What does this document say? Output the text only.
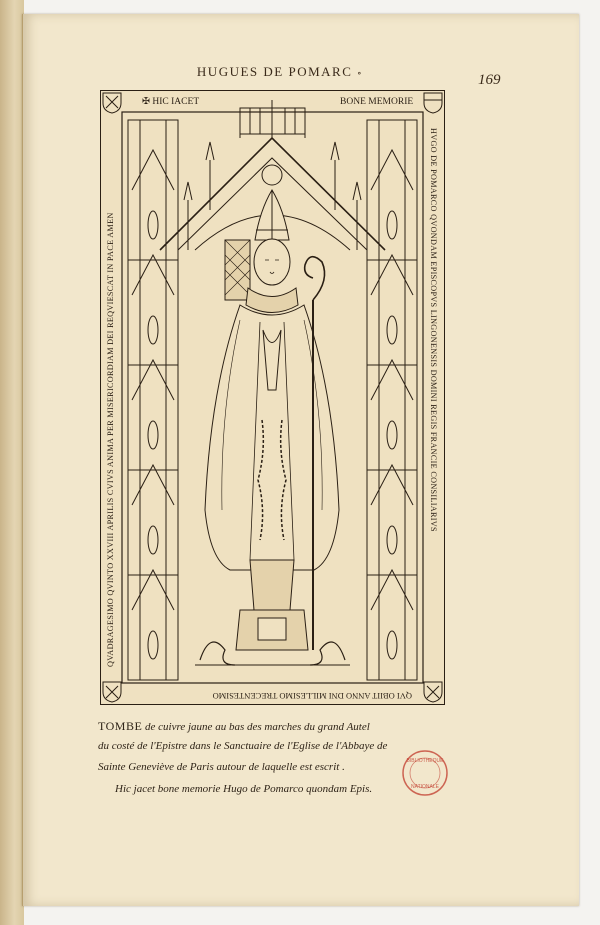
HUGUES DE POMARC ∘	169
✠ HIC IACET	BONE MEMORIE
HVGO DE POMARCO QVONDAM EPISCOPVS LINGONENSIS DOMINI REGIS FRANCIE CONSILIARIVS
QVI OBIIT ANNO DNI MILLESIMO TRECENTESIMO
QVADRAGESIMO QVINTO XXVIII APRILIS CVIVS ANIMA PER MISERICORDIAM DEI REQVIESCAT IN PACE AMEN
TOMBE de cuivre jaune au bas des marches du grand Autel
du costé de l'Epistre dans le Sanctuaire de l'Eglise de l'Abbaye de
Sainte Geneviève de Paris autour de laquelle est escrit .
Hic jacet bone memorie Hugo de Pomarco quondam Epis.
BIBLIOTHEQUE
NATIONALE
